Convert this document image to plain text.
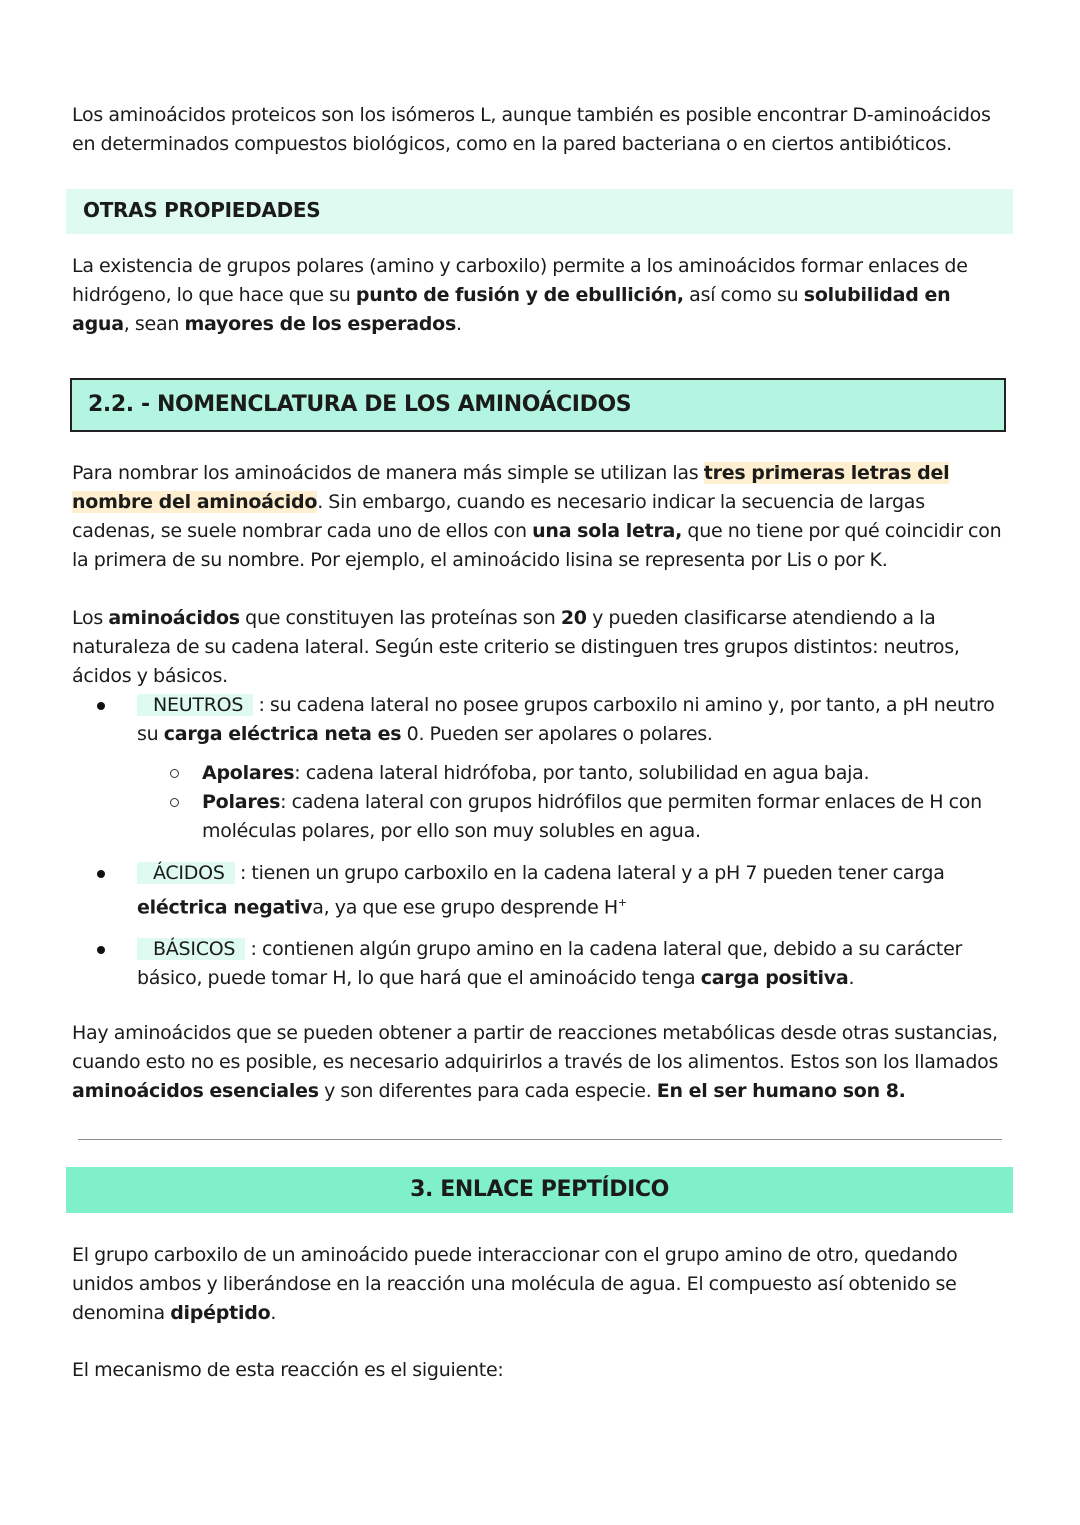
Los aminoácidos proteicos son los isómeros L, aunque también es posible encontrar D-aminoácidos en determinados compuestos biológicos, como en la pared bacteriana o en ciertos antibióticos.

OTRAS PROPIEDADES

La existencia de grupos polares (amino y carboxilo) permite a los aminoácidos formar enlaces de hidrógeno, lo que hace que su punto de fusión y de ebullición, así como su solubilidad en agua, sean mayores de los esperados.

2.2. - NOMENCLATURA DE LOS AMINOÁCIDOS

Para nombrar los aminoácidos de manera más simple se utilizan las tres primeras letras del nombre del aminoácido. Sin embargo, cuando es necesario indicar la secuencia de largas cadenas, se suele nombrar cada uno de ellos con una sola letra, que no tiene por qué coincidir con la primera de su nombre. Por ejemplo, el aminoácido lisina se representa por Lis o por K.

Los aminoácidos que constituyen las proteínas son 20 y pueden clasificarse atendiendo a la naturaleza de su cadena lateral. Según este criterio se distinguen tres grupos distintos: neutros, ácidos y básicos.

NEUTROS : su cadena lateral no posee grupos carboxilo ni amino y, por tanto, a pH neutro su carga eléctrica neta es 0. Pueden ser apolares o polares.

Apolares: cadena lateral hidrófoba, por tanto, solubilidad en agua baja.

Polares: cadena lateral con grupos hidrófilos que permiten formar enlaces de H con moléculas polares, por ello son muy solubles en agua.

ÁCIDOS : tienen un grupo carboxilo en la cadena lateral y a pH 7 pueden tener carga eléctrica negativa, ya que ese grupo desprende H+

BÁSICOS : contienen algún grupo amino en la cadena lateral que, debido a su carácter básico, puede tomar H, lo que hará que el aminoácido tenga carga positiva.

Hay aminoácidos que se pueden obtener a partir de reacciones metabólicas desde otras sustancias, cuando esto no es posible, es necesario adquirirlos a través de los alimentos. Estos son los llamados aminoácidos esenciales y son diferentes para cada especie. En el ser humano son 8.

3. ENLACE PEPTÍDICO

El grupo carboxilo de un aminoácido puede interaccionar con el grupo amino de otro, quedando unidos ambos y liberándose en la reacción una molécula de agua. El compuesto así obtenido se denomina dipéptido.

El mecanismo de esta reacción es el siguiente:
